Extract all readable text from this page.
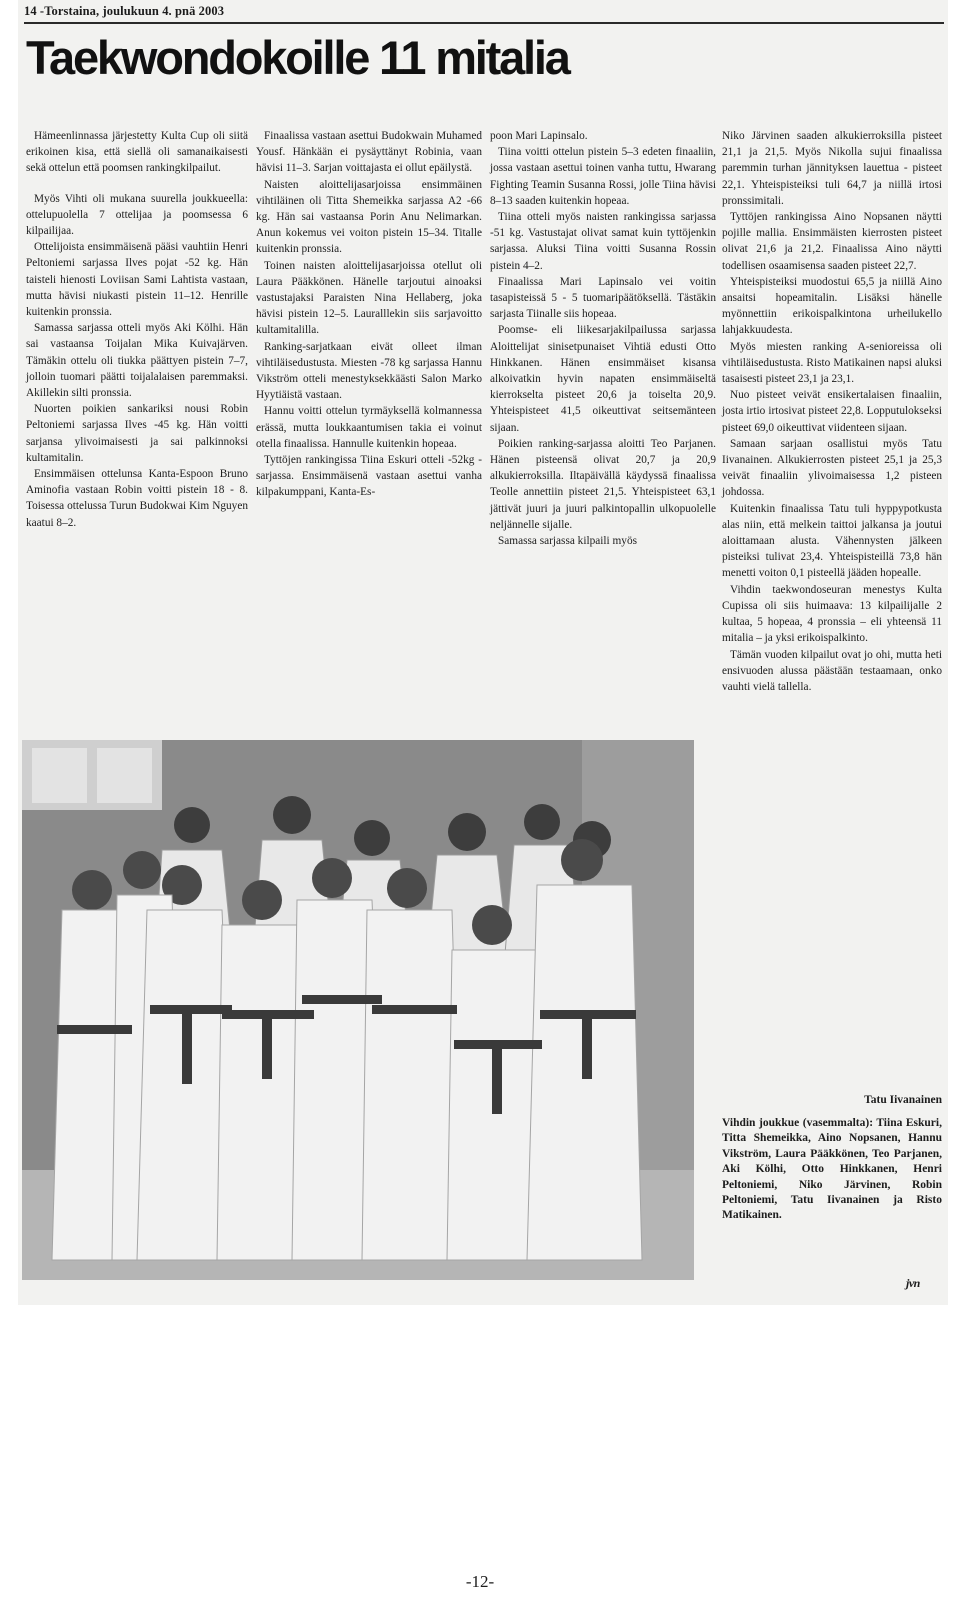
14 -Torstaina, joulukuun 4. pnä 2003
Taekwondokoille 11 mitalia

Hämeenlinnassa järjestetty Kulta Cup oli siitä erikoinen kisa, että siellä oli samanaikaisesti sekä ottelun että poomsen rankingkilpailut.

Myös Vihti oli mukana suurella joukkueella: ottelupuolella 7 ottelijaa ja poomsessa 6 kilpailijaa.

Ottelijoista ensimmäisenä pääsi vauhtiin Henri Peltoniemi sarjassa Ilves pojat -52 kg. Hän taisteli hienosti Loviisan Sami Lahtista vastaan, mutta hävisi niukasti pistein 11–12. Henrille kuitenkin pronssia.

Samassa sarjassa otteli myös Aki Kölhi. Hän sai vastaansa Toijalan Mika Kuivajärven. Tämäkin ottelu oli tiukka päättyen pistein 7–7, jolloin tuomari päätti toijalalaisen paremmaksi. Akillekin silti pronssia.

Nuorten poikien sankariksi nousi Robin Peltoniemi sarjassa Ilves -45 kg. Hän voitti sarjansa ylivoimaisesti ja sai palkinnoksi kultamitalin.

Ensimmäisen ottelunsa Kanta-Espoon Bruno Aminofia vastaan Robin voitti pistein 18 - 8. Toisessa ottelussa Turun Budokwai Kim Nguyen kaatui 8–2.

Finaalissa vastaan asettui Budokwain Muhamed Yousf. Hänkään ei pysäyttänyt Robinia, vaan hävisi 11–3. Sarjan voittajasta ei ollut epäilystä.

Naisten aloittelijasarjoissa ensimmäinen vihtiläinen oli Titta Shemeikka sarjassa A2 -66 kg. Hän sai vastaansa Porin Anu Nelimarkan. Anun kokemus vei voiton pistein 15–34. Titalle kuitenkin pronssia.

Toinen naisten aloittelijasarjoissa otellut oli Laura Pääkkönen. Hänelle tarjoutui ainoaksi vastustajaksi Paraisten Nina Hellaberg, joka hävisi pistein 12–5. Lauralllekin siis sarjavoitto kultamitalilla.

Ranking-sarjatkaan eivät olleet ilman vihtiläisedustusta. Miesten -78 kg sarjassa Hannu Vikström otteli menestyksekkäästi Salon Marko Hyytiäistä vastaan.

Hannu voitti ottelun tyrmäyksellä kolmannessa erässä, mutta loukkaantumisen takia ei voinut otella finaalissa. Hannulle kuitenkin hopeaa.

Tyttöjen rankingissa Tiina Eskuri otteli -52kg -sarjassa. Ensimmäisenä vastaan asettui vanha kilpakumppani, Kanta-Es-

poon Mari Lapinsalo.

Tiina voitti ottelun pistein 5–3 edeten finaaliin, jossa vastaan asettui toinen vanha tuttu, Hwarang Fighting Teamin Susanna Rossi, jolle Tiina hävisi 8–13 saaden kuitenkin hopeaa.

Tiina otteli myös naisten rankingissa sarjassa -51 kg. Vastustajat olivat samat kuin tyttöjenkin sarjassa. Aluksi Tiina voitti Susanna Rossin pistein 4–2.

Finaalissa Mari Lapinsalo vei voitin tasapisteissä 5 - 5 tuomaripäätöksellä. Tästäkin sarjasta Tiinalle siis hopeaa.

Poomse- eli liikesarjakilpailussa sarjassa Aloittelijat sinisetpunaiset Vihtiä edusti Otto Hinkkanen. Hänen ensimmäiset kisansa alkoivatkin hyvin napaten ensimmäiseltä kierrokselta pisteet 20,6 ja toiselta 20,9. Yhteispisteet 41,5 oikeuttivat seitsemänteen sijaan.

Poikien ranking-sarjassa aloitti Teo Parjanen. Hänen pisteensä olivat 20,7 ja 20,9 alkukierroksilla. Iltapäivällä käydyssä finaalissa Teolle annettiin pisteet 21,5. Yhteispisteet 63,1 jättivät juuri ja juuri palkintopallin ulkopuolelle neljännelle sijalle.

Samassa sarjassa kilpaili myös

Niko Järvinen saaden alkukierroksilla pisteet 21,1 ja 21,5. Myös Nikolla sujui finaalissa paremmin turhan jännityksen lauettua - pisteet 22,1. Yhteispisteiksi tuli 64,7 ja niillä irtosi pronssimitali.

Tyttöjen rankingissa Aino Nopsanen näytti pojille mallia. Ensimmäisten kierrosten pisteet olivat 21,6 ja 21,2. Finaalissa Aino näytti todellisen osaamisensa saaden pisteet 22,7.

Yhteispisteiksi muodostui 65,5 ja niillä Aino ansaitsi hopeamitalin. Lisäksi hänelle myönnettiin erikoispalkintona urheilukello lahjakkuudesta.

Myös miesten ranking A-senioreissa oli vihtiläisedustusta. Risto Matikainen napsi aluksi tasaisesti pisteet 23,1 ja 23,1.

Nuo pisteet veivät ensikertalaisen finaaliin, josta irtio irtosivat pisteet 22,8. Lopputulokseksi pisteet 69,0 oikeuttivat viidenteen sijaan.

Samaan sarjaan osallistui myös Tatu Iivanainen. Alkukierrosten pisteet 25,1 ja 25,3 veivät finaaliin ylivoimaisessa 1,2 pisteen johdossa.

Kuitenkin finaalissa Tatu tuli hyppypotkusta alas niin, että melkein taittoi jalkansa ja joutui aloittamaan alusta. Vähennysten jälkeen pisteiksi tulivat 23,4. Yhteispisteillä 73,8 hän menetti voiton 0,1 pisteellä jääden hopealle.

Vihdin taekwondoseuran menestys Kulta Cupissa oli siis huimaava: 13 kilpailijalle 2 kultaa, 5 hopeaa, 4 pronssia – eli yhteensä 11 mitalia – ja yksi erikoispalkinto.

Tämän vuoden kilpailut ovat jo ohi, mutta heti ensivuoden alussa päästään testaamaan, onko vauhti vielä tallella.

Tatu Iivanainen
Vihdin joukkue (vasemmalta): Tiina Eskuri, Titta Shemeikka, Aino Nopsanen, Hannu Vikström, Laura Pääkkönen, Teo Parjanen, Aki Kölhi, Otto Hinkkanen, Henri Peltoniemi, Niko Järvinen, Robin Peltoniemi, Tatu Iivanainen ja Risto Matikainen.
jvn
-12-
